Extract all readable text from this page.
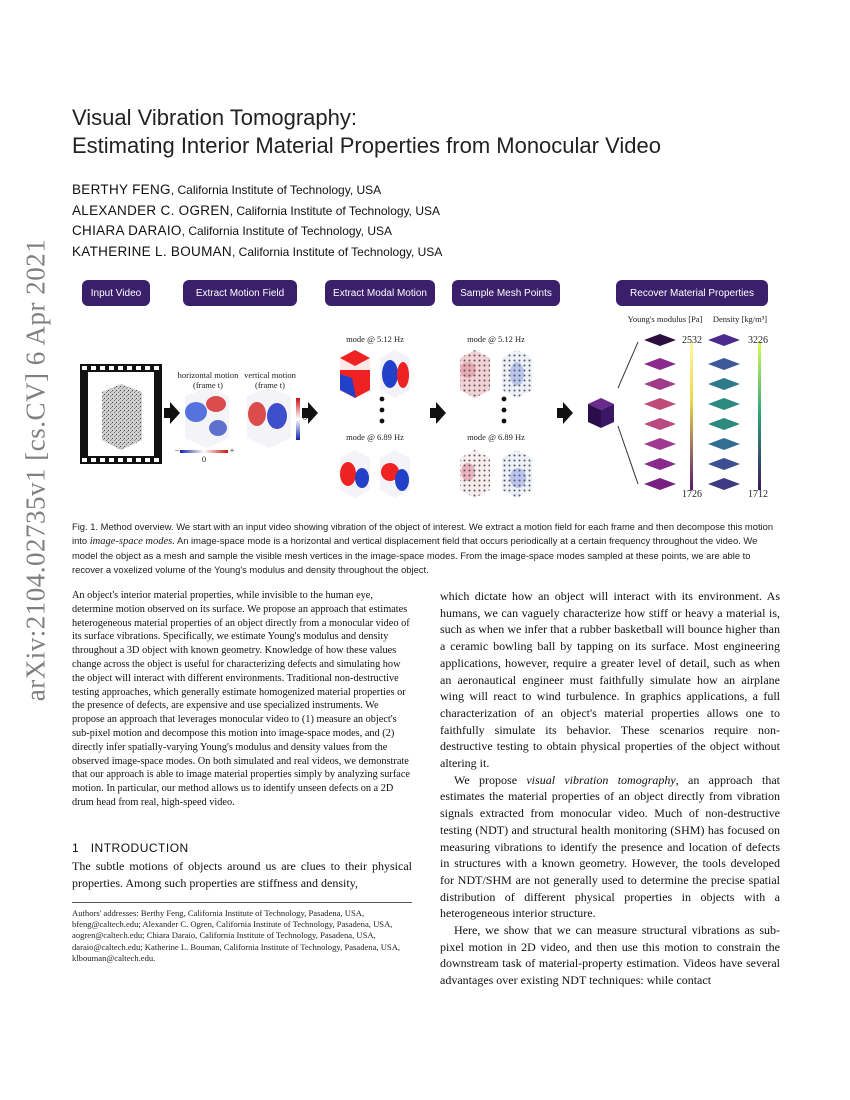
arXiv:2104.02735v1 [cs.CV] 6 Apr 2021
Visual Vibration Tomography:
Estimating Interior Material Properties from Monocular Video
BERTHY FENG, California Institute of Technology, USA
ALEXANDER C. OGREN, California Institute of Technology, USA
CHIARA DARAIO, California Institute of Technology, USA
KATHERINE L. BOUMAN, California Institute of Technology, USA
Input Video	Extract Motion Field	Extract Modal Motion	Sample Mesh Points	Recover Material Properties
horizontal motion
(frame t)
vertical motion
(frame t)
0
−
0
+
mode @ 5.12 Hz
mode @ 6.89 Hz
mode @ 5.12 Hz
mode @ 6.89 Hz
Young's modulus [Pa]	Density [kg/m³]
2532
1726
3226
1712
Fig. 1. Method overview. We start with an input video showing vibration of the object of interest. We extract a motion field for each frame and then decompose this motion into image-space modes. An image-space mode is a horizontal and vertical displacement field that occurs periodically at a certain frequency throughout the video. We model the object as a mesh and sample the visible mesh vertices in the image-space modes. From the image-space modes sampled at these points, we are able to recover a voxelized volume of the Young's modulus and density throughout the object.
An object's interior material properties, while invisible to the human eye, determine motion observed on its surface. We propose an approach that estimates heterogeneous material properties of an object directly from a monocular video of its surface vibrations. Specifically, we estimate Young's modulus and density throughout a 3D object with known geometry. Knowledge of how these values change across the object is useful for characterizing defects and simulating how the object will interact with different environments. Traditional non-destructive testing approaches, which generally estimate homogenized material properties or the presence of defects, are expensive and use specialized instruments. We propose an approach that leverages monocular video to (1) measure an object's sub-pixel motion and decompose this motion into image-space modes, and (2) directly infer spatially-varying Young's modulus and density values from the observed image-space modes. On both simulated and real videos, we demonstrate that our approach is able to image material properties simply by analyzing surface motion. In particular, our method allows us to identify unseen defects on a 2D drum head from real, high-speed video.
1 INTRODUCTION
The subtle motions of objects around us are clues to their physical properties. Among such properties are stiffness and density,
Authors' addresses: Berthy Feng, California Institute of Technology, Pasadena, USA, bfeng@caltech.edu; Alexander C. Ogren, California Institute of Technology, Pasadena, USA, aogren@caltech.edu; Chiara Daraio, California Institute of Technology, Pasadena, USA, daraio@caltech.edu; Katherine L. Bouman, California Institute of Technology, Pasadena, USA, klbouman@caltech.edu.

which dictate how an object will interact with its environment. As humans, we can vaguely characterize how stiff or heavy a material is, such as when we infer that a rubber basketball will bounce higher than a ceramic bowling ball by tapping on its surface. Most engineering applications, however, require a greater level of detail, such as when an aeronautical engineer must faithfully simulate how an airplane wing will react to wind turbulence. In graphics applications, a full characterization of an object's material properties allows one to faithfully simulate its behavior. These scenarios require non-destructive testing to obtain physical properties of the object without altering it.

We propose visual vibration tomography, an approach that estimates the material properties of an object directly from vibration signals extracted from monocular video. Much of non-destructive testing (NDT) and structural health monitoring (SHM) has focused on measuring vibrations to identify the presence and location of defects in structures with a known geometry. However, the tools developed for NDT/SHM are not generally used to determine the precise spatial distribution of different physical properties in objects with a heterogeneous interior structure.

Here, we show that we can measure structural vibrations as sub-pixel motion in 2D video, and then use this motion to constrain the downstream task of material-property estimation. Videos have several advantages over existing NDT techniques: while contact
